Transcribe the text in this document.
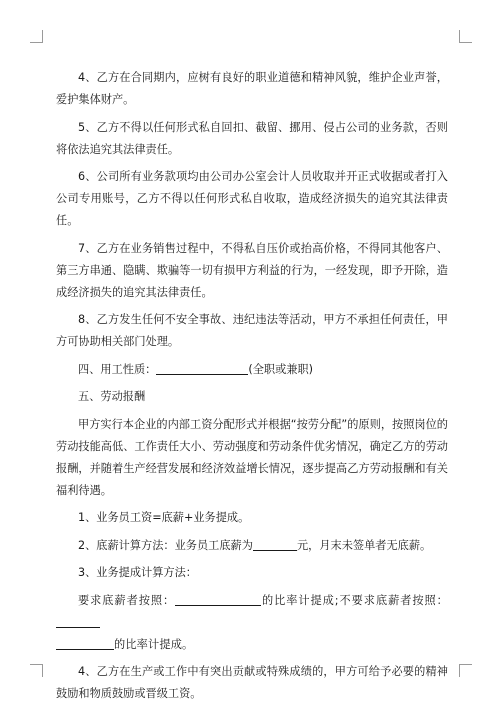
4、乙方在合同期内，应树有良好的职业道德和精神风貌，维护企业声誉，爱护集体财产。

5、乙方不得以任何形式私自回扣、截留、挪用、侵占公司的业务款，否则将依法追究其法律责任。

6、公司所有业务款项均由公司办公室会计人员收取并开正式收据或者打入公司专用账号，乙方不得以任何形式私自收取，造成经济损失的追究其法律责任。

7、乙方在业务销售过程中，不得私自压价或抬高价格，不得同其他客户、第三方串通、隐瞒、欺骗等一切有损甲方利益的行为，一经发现，即予开除，造成经济损失的追究其法律责任。

8、乙方发生任何不安全事故、违纪违法等活动，甲方不承担任何责任，甲方可协助相关部门处理。

四、用工性质：	(全职或兼职)

五、劳动报酬

甲方实行本企业的内部工资分配形式并根据“按劳分配”的原则，按照岗位的劳动技能高低、工作责任大小、劳动强度和劳动条件优劣情况，确定乙方的劳动报酬，并随着生产经营发展和经济效益增长情况，逐步提高乙方劳动报酬和有关福利待遇。

1、业务员工资=底薪+业务提成。

2、底薪计算方法：业务员工底薪为	元，月末未签单者无底薪。

3、业务提成计算方法：

要求底薪者按照：	的比率计提成;不要求底薪者按照：
的比率计提成。

4、乙方在生产或工作中有突出贡献或特殊成绩的，甲方可给予必要的精神鼓励和物质鼓励或晋级工资。
